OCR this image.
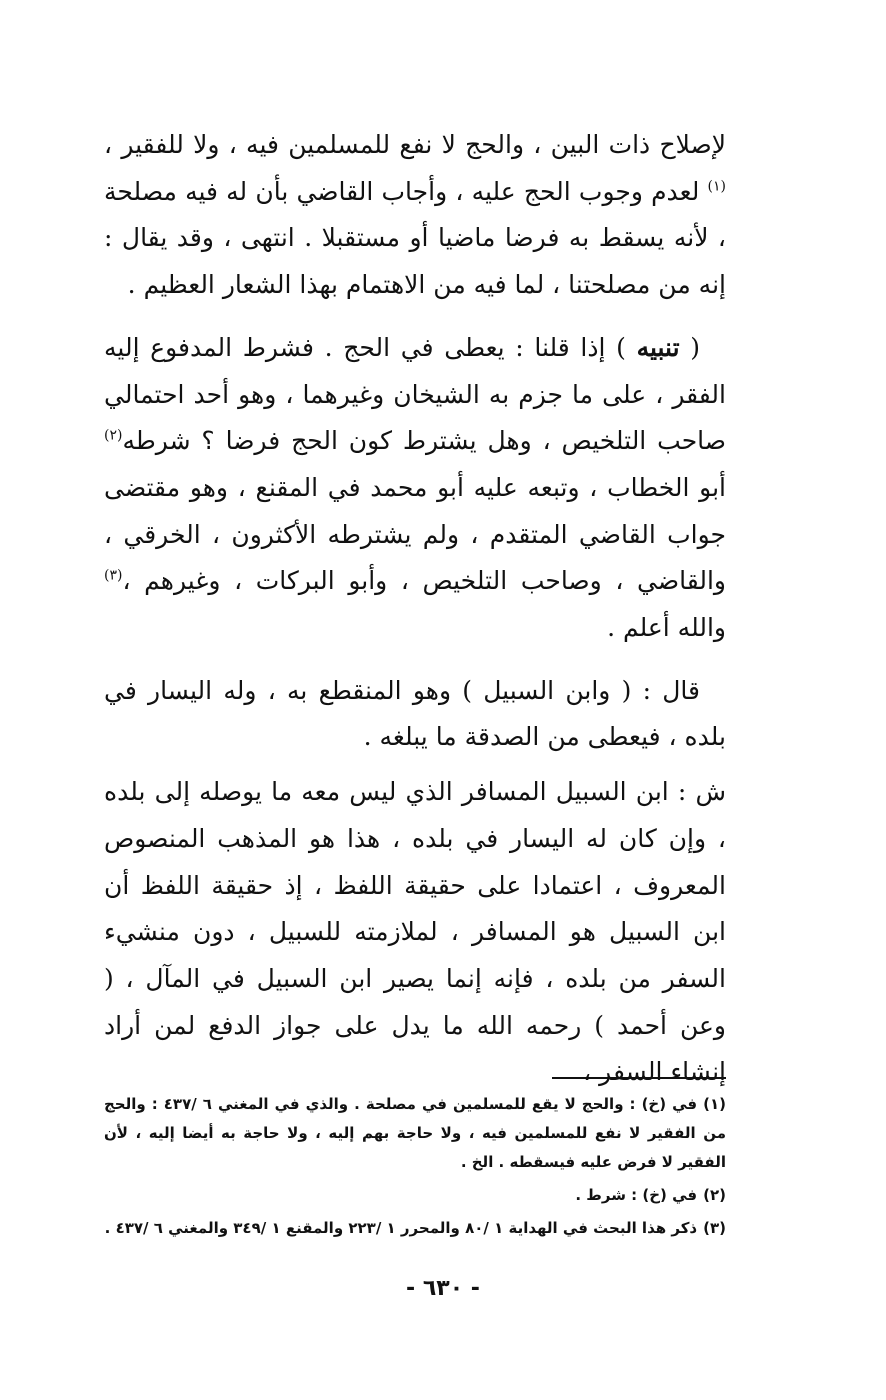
لإصلاح ذات البين ، والحج لا نفع للمسلمين فيه ، ولا للفقير ،$^{(١)}$ لعدم وجوب الحج عليه ، وأجاب القاضي بأن له فيه مصلحة ، لأنه يسقط به فرضا ماضيا أو مستقبلا . انتهى ، وقد يقال : إنه من مصلحتنا ، لما فيه من الاهتمام بهذا الشعار العظيم .

( تنبيه ) إذا قلنا : يعطى في الحج . فشرط المدفوع إليه الفقر ، على ما جزم به الشيخان وغيرهما ، وهو أحد احتمالي صاحب التلخيص ، وهل يشترط كون الحج فرضا ؟ شرطه$^{(٢)}$ أبو الخطاب ، وتبعه عليه أبو محمد في المقنع ، وهو مقتضى جواب القاضي المتقدم ، ولم يشترطه الأكثرون ، الخرقي ، والقاضي ، وصاحب التلخيص ، وأبو البركات ، وغيرهم ،$^{(٣)}$ والله أعلم .

قال : ( وابن السبيل ) وهو المنقطع به ، وله اليسار في بلده ، فيعطى من الصدقة ما يبلغه .

ش : ابن السبيل المسافر الذي ليس معه ما يوصله إلى بلده ، وإن كان له اليسار في بلده ، هذا هو المذهب المنصوص المعروف ، اعتمادا على حقيقة اللفظ ، إذ حقيقة اللفظ أن ابن السبيل هو المسافر ، لملازمته للسبيل ، دون منشيء السفر من بلده ، فإنه إنما يصير ابن السبيل في المآل ، ( وعن أحمد ) رحمه الله ما يدل على جواز الدفع لمن أراد إنشاء السفر ،

(١)في (خ) : والحج لا يقع للمسلمين في مصلحة . والذي في المغني ٦ /٤٣٧ : والحج من الفقير لا نفع للمسلمين فيه ، ولا حاجة بهم إليه ، ولا حاجة به أيضا إليه ، لأن الفقير لا فرض عليه فيسقطه . الخ .

(٢)في (خ) : شرط .

(٣)ذكر هذا البحث في الهداية ١ /٨٠ والمحرر ١ /٢٢٣ والمقنع ١ /٣٤٩ والمغني ٦ /٤٣٧ .

- ٦٣٠ -
